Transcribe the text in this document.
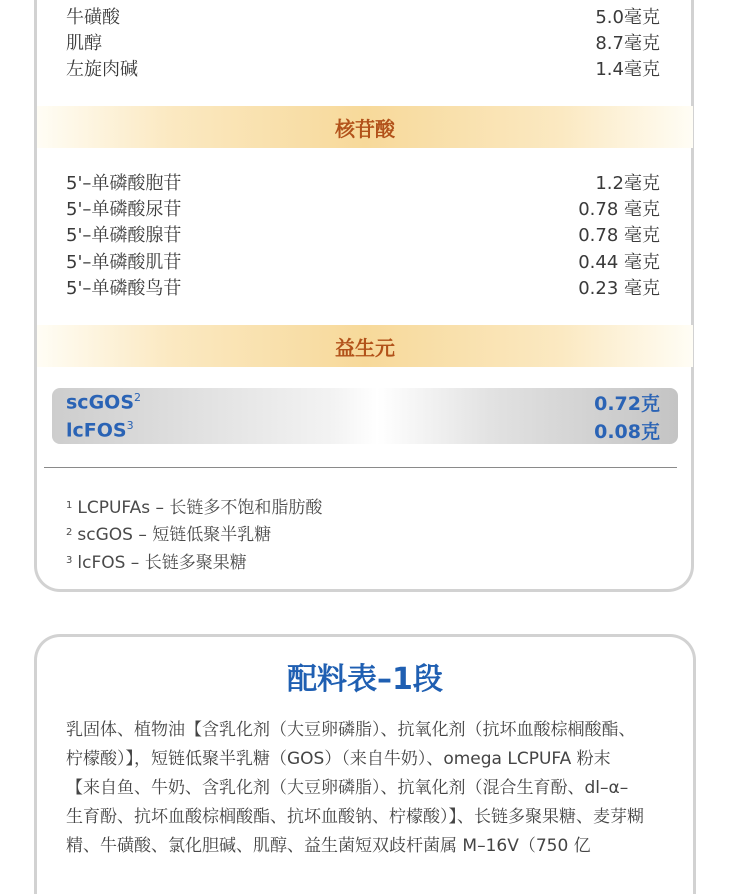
牛磺酸	5.0毫克
肌醇	8.7毫克
左旋肉碱	1.4毫克
核苷酸
5'–单磷酸胞苷	1.2毫克
5'–单磷酸尿苷	0.78 毫克
5'–单磷酸腺苷	0.78 毫克
5'–单磷酸肌苷	0.44 毫克
5'–单磷酸鸟苷	0.23 毫克
益生元
scGOS$^2$	0.72克
lcFOS$^3$	0.08克
1 LCPUFAs – 长链多不饱和脂肪酸
2 scGOS – 短链低聚半乳糖
3 lcFOS – 长链多聚果糖
配料表–1段

乳固体、植物油【含乳化剂（大豆卵磷脂）、抗氧化剂（抗坏血酸棕榈酸酯、

柠檬酸）】，短链低聚半乳糖（GOS）（来自牛奶）、omega LCPUFA 粉末

【来自鱼、牛奶、含乳化剂（大豆卵磷脂）、抗氧化剂（混合生育酚、dl–α–

生育酚、抗坏血酸棕榈酸酯、抗坏血酸钠、柠檬酸）】、长链多聚果糖、麦芽糊

精、牛磺酸、氯化胆碱、肌醇、益生菌短双歧杆菌属 M–16V（750 亿
